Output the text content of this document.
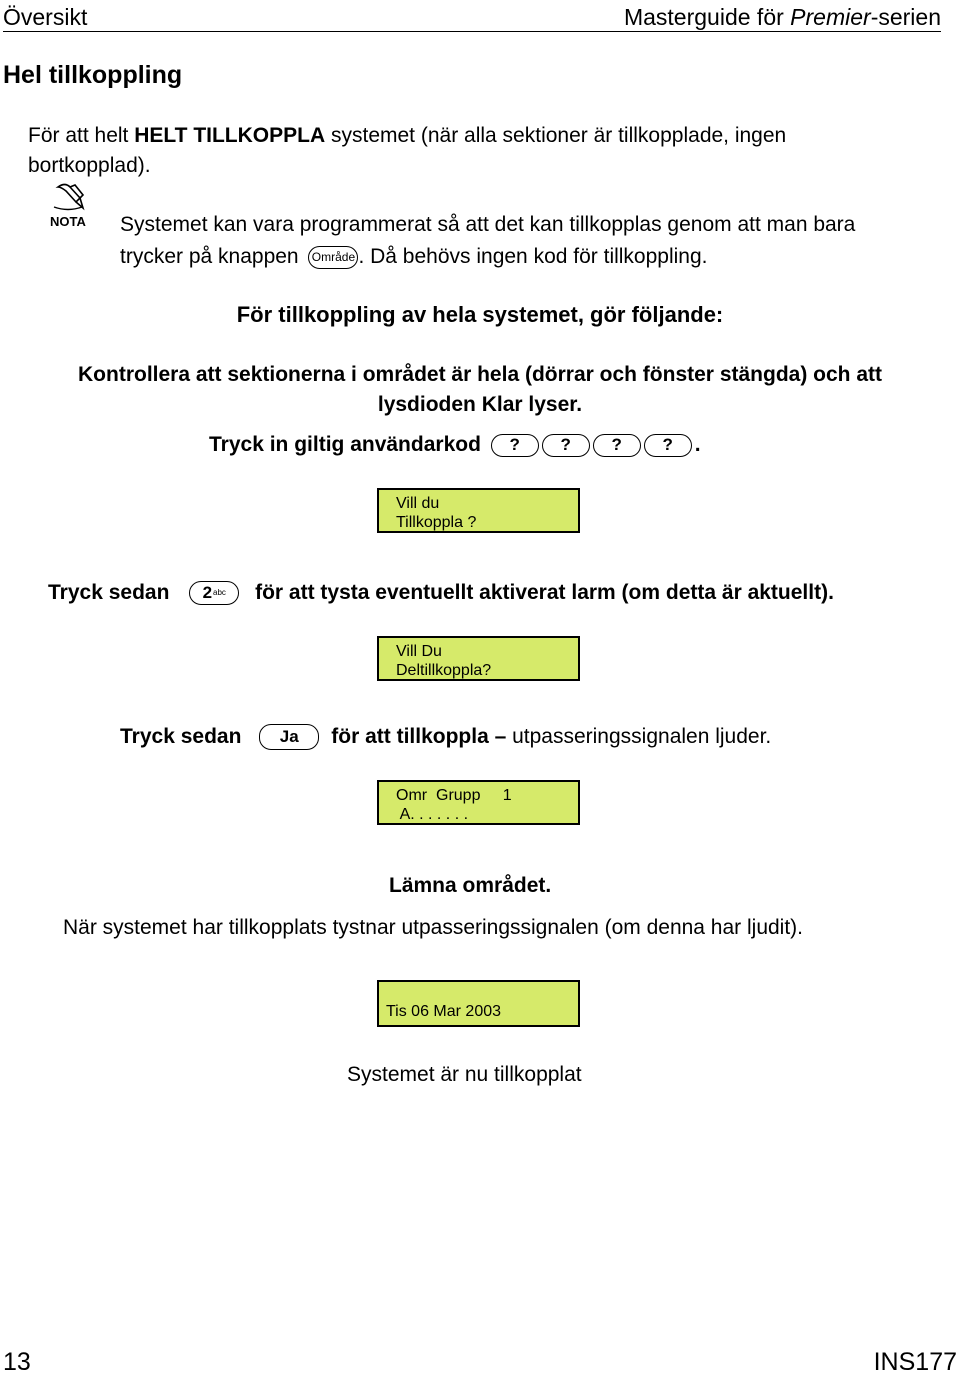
Översikt	Masterguide för Premier-serien
Hel tillkoppling
För att helt HELT TILLKOPPLA systemet (när alla sektioner är tillkopplade, ingen
bortkopplad).
NOTA Systemet kan vara programmerat så att det kan tillkopplas genom att man bara
trycker på knappen Område . Då behövs ingen kod för tillkoppling.
För tillkoppling av hela systemet, gör följande:
Kontrollera att sektionerna i området är hela (dörrar och fönster stängda) och att
lysdioden Klar lyser.
Tryck in giltig användarkod ? ? ? ? .
Vill du
Tillkoppla ?
Tryck sedan 2 abc för att tysta eventuellt aktiverat larm (om detta är aktuellt).
Vill Du
Deltillkoppla?
Tryck sedan Ja för att tillkoppla – utpasseringssignalen ljuder.
Omr  Grupp     1
A. . . . . . .
Lämna området.
När systemet har tillkopplats tystnar utpasseringssignalen (om denna har ljudit).
Tis 06 Mar 2003
Systemet är nu tillkopplat
13	INS177
